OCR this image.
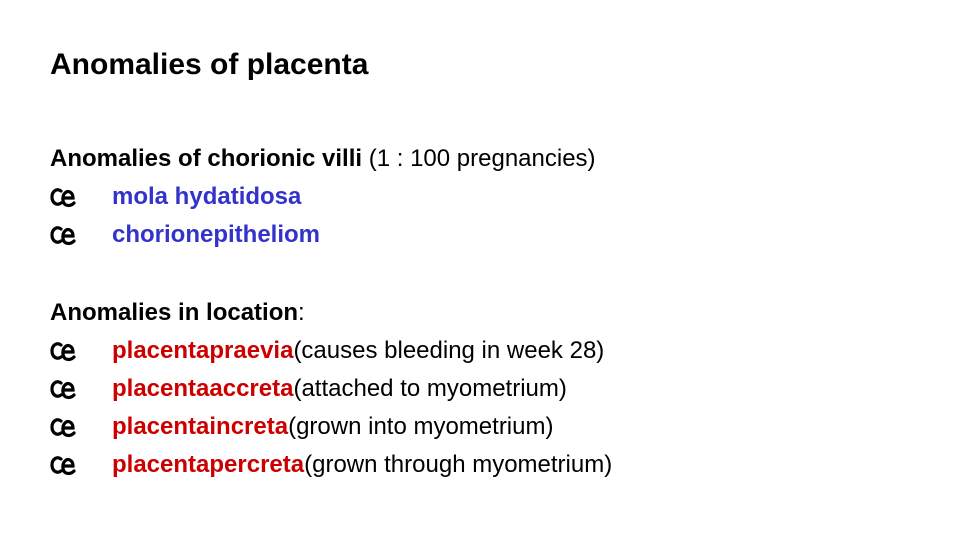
Anomalies of placenta
Anomalies of chorionic villi (1 : 100 pregnancies)
mola hydatidosa
chorionepitheliom
Anomalies in location:
placenta praevia (causes bleeding in week 28)
placenta accreta (attached to myometrium)
placenta increta (grown into myometrium)
placenta percreta (grown through myometrium)
